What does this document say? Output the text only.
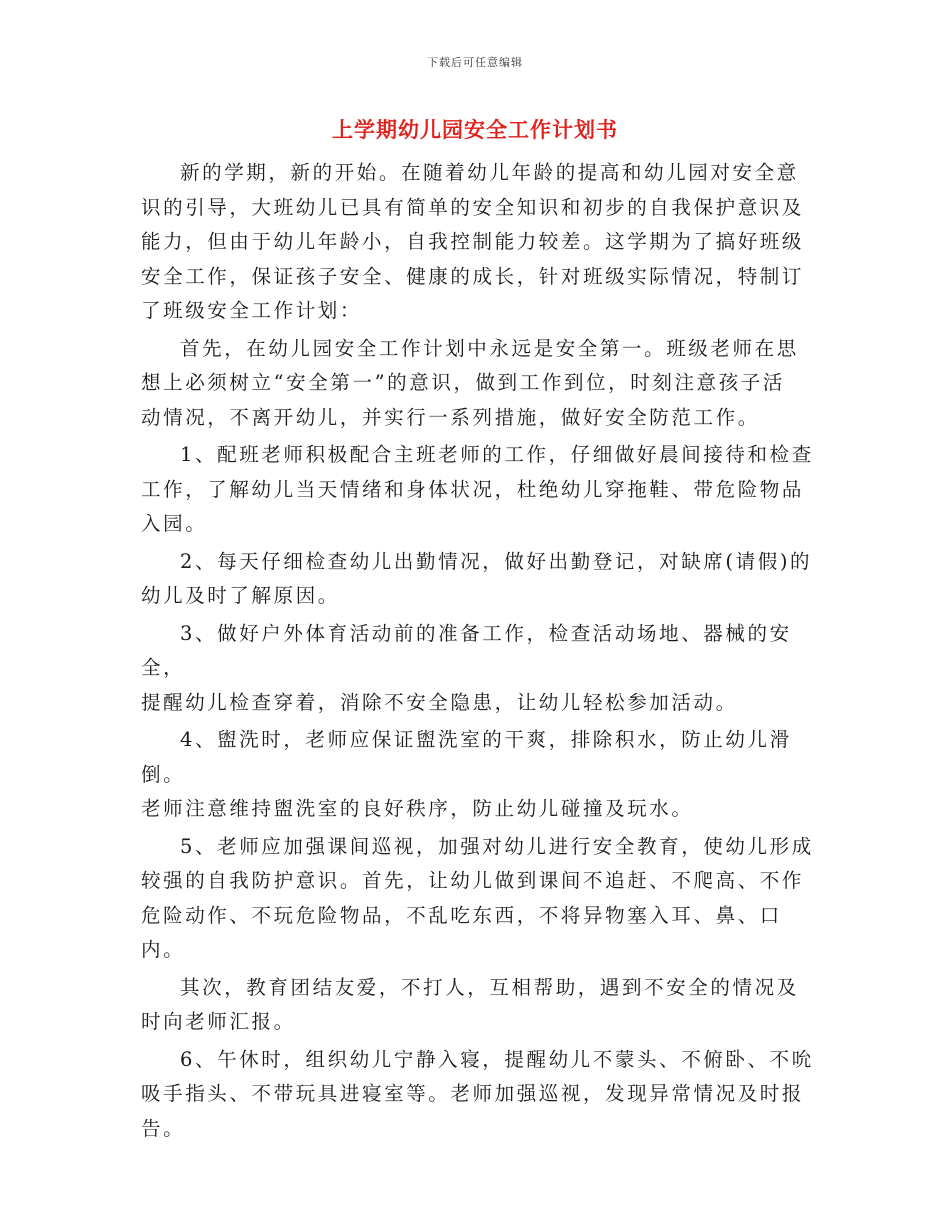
下载后可任意编辑
上学期幼儿园安全工作计划书

新的学期，新的开始。在随着幼儿年龄的提高和幼儿园对安全意
识的引导，大班幼儿已具有简单的安全知识和初步的自我保护意识及
能力，但由于幼儿年龄小，自我控制能力较差。这学期为了搞好班级
安全工作，保证孩子安全、健康的成长，针对班级实际情况，特制订
了班级安全工作计划：

首先，在幼儿园安全工作计划中永远是安全第一。班级老师在思
想上必须树立“安全第一”的意识，做到工作到位，时刻注意孩子活
动情况，不离开幼儿，并实行一系列措施，做好安全防范工作。

1、配班老师积极配合主班老师的工作，仔细做好晨间接待和检查
工作，了解幼儿当天情绪和身体状况，杜绝幼儿穿拖鞋、带危险物品
入园。

2、每天仔细检查幼儿出勤情况，做好出勤登记，对缺席(请假)的
幼儿及时了解原因。

3、做好户外体育活动前的准备工作，检查活动场地、器械的安全，
提醒幼儿检查穿着，消除不安全隐患，让幼儿轻松参加活动。

4、盥洗时，老师应保证盥洗室的干爽，排除积水，防止幼儿滑倒。
老师注意维持盥洗室的良好秩序，防止幼儿碰撞及玩水。

5、老师应加强课间巡视，加强对幼儿进行安全教育，使幼儿形成
较强的自我防护意识。首先，让幼儿做到课间不追赶、不爬高、不作
危险动作、不玩危险物品，不乱吃东西，不将异物塞入耳、鼻、口内。

其次，教育团结友爱，不打人，互相帮助，遇到不安全的情况及
时向老师汇报。

6、午休时，组织幼儿宁静入寝，提醒幼儿不蒙头、不俯卧、不吮
吸手指头、不带玩具进寝室等。老师加强巡视，发现异常情况及时报
告。
